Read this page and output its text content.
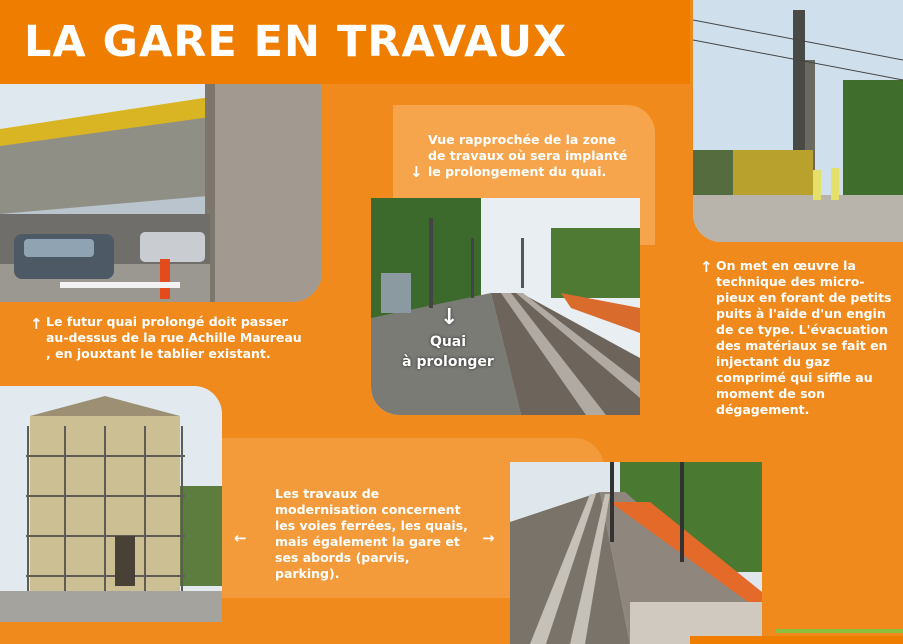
LA GARE EN TRAVAUX
↑ Le futur quai prolongé doit passer au-dessus de la rue Achille Maureau , en jouxtant le tablier existant.
Vue rapprochée de la zone de travaux où sera implanté le prolongement du quai.
↓
↓
Quai
à prolonger
↑ On met en œuvre la technique des micro-pieux en forant de petits puits à l'aide d'un engin de ce type. L'évacuation des matériaux se fait en injectant du gaz comprimé qui siffle au moment de son dégagement.
←
Les travaux de modernisation concernent les voies ferrées, les quais, mais également la gare et ses abords (parvis, parking).
→
